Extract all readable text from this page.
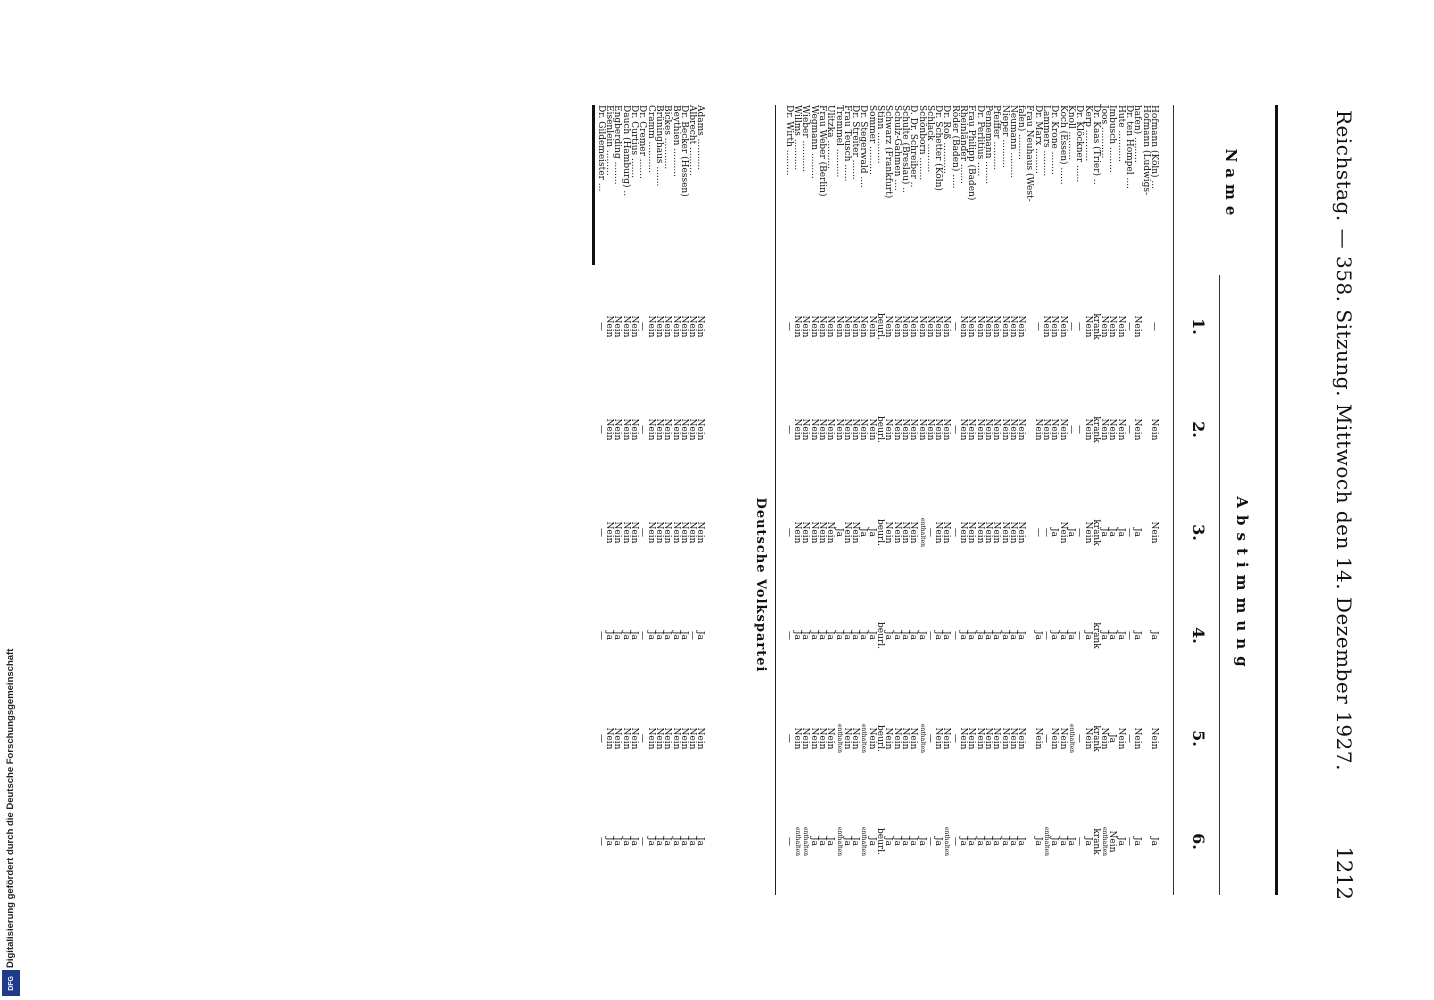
Reichstag. — 358. Sitzung. Mittwoch den 14. Dezember 1927.
1212
Name
Abstimmung
1.
2.
3.
4.
5.
6.
Hofmann (Köln) ...
—
Nein
Nein
Ja
Nein
Ja
Hofmann (Ludwigs-
hafen) .........
Nein
Nein
Ja
Ja
Nein
Ja
Dr. ten Hompel ....
—
—
—
—
—
—
Hute ...........
Nein
Nein
Ja
Ja
Nein
Ja
Imbusch .........
Nein
Nein
Ja
Ja
Ja
Nein
Joos ...........
Nein
Nein
Ja
Ja
Nein
enthalten
Dr. Kaas (Trier) ..
krank
krank
krank
krank
krank
krank
Kerp ...........
Nein
Nein
Nein
Ja
Nein
Ja
Dr. Klöckner ......
—
—
—
—
—
—
Knoll ..........
—
—
Ja
Ja
enthalten
Ja
Koch (Essen) ......
Nein
Nein
Nein
Ja
Nein
Ja
Dr. Krone ........
Nein
Nein
Ja
Ja
Nein
Ja
Lammers .........
Nein
Nein
—
—
—
enthalten
Dr. Marx .........
—
Nein
—
Ja
Nein
Ja
Frau Neuhaus (West-
falen) .........
Nein
Nein
Nein
Ja
Nein
Ja
Neumann .........
Nein
Nein
Nein
Ja
Nein
Ja
Nieper ..........
Nein
Nein
Nein
Ja
Nein
Ja
Pfeiffer ..........
Nein
Nein
Nein
Ja
Nein
Ja
Pennemann ........
Nein
Nein
Nein
Ja
Nein
Ja
Dr. Perlitius .....
Nein
Nein
Nein
Ja
Nein
Ja
Frau Philipp (Baden)
Nein
Nein
Nein
Ja
Nein
Ja
Rheinländer .......
Nein
Nein
Nein
Ja
Nein
Ja
Röder (Baden) .....
—
—
—
—
—
—
Dr. Roß ...........
Nein
Nein
Nein
Ja
Nein
enthalten
Dr. Schetter (Köln)
Nein
Nein
Nein
Ja
Nein
Ja
Schlack ..........
Nein
Nein
—
—
—
—
Schönborn ........
Nein
Nein
enthalten
Ja
enthalten
Ja
D. Dr. Schreiber ..
Nein
Nein
Nein
Ja
Nein
Ja
Schulte (Breslau) ..
Nein
Nein
Nein
Ja
Nein
Ja
Schulz-Gahmen ....
Nein
Nein
Nein
Ja
Nein
Ja
Schwarz (Frankfurt)
Nein
Nein
Nein
Ja
Nein
Ja
Stinn ...........
beurl.
beurl.
beurl.
beurl.
beurl.
beurl.
Sommer ..........
Nein
Nein
Ja
Ja
Nein
Ja
Dr. Stegerwald ....
Nein
Nein
Ja
Ja
enthalten
enthalten
Dr. Streiter .......
Nein
Nein
Nein
Ja
Nein
Ja
Frau Teusch ......
Nein
Nein
Nein
Ja
Nein
Ja
Tremmel ..........
Nein
Nein
Ja
Ja
enthalten
enthalten
Ulitzka ..........
Nein
Nein
Nein
Ja
Nein
Ja
Frau Weber (Berlin)
Nein
Nein
Nein
Ja
Nein
Ja
Wegmann .........
Nein
Nein
Nein
Ja
Nein
Ja
Wieber ...........
Nein
Nein
Nein
Ja
Nein
enthalten
Willms ...........
Nein
Nein
Nein
Ja
Nein
enthalten
Dr. Wirth .........
—
—
—
—
—
—
Deutsche Volkspartei
Adams ...........
Nein
Nein
Nein
Ja
Nein
Ja
Albrecht ..........
Nein
Nein
Nein
—
Nein
Ja
Dr. Becker (Hessen)
Nein
Nein
Nein
Ja
Nein
Ja
Beythien ..........
Nein
Nein
Nein
Ja
Nein
Ja
Bickes ...........
Nein
Nein
Nein
Ja
Nein
Ja
Brüninghaus .......
Nein
Nein
Nein
Ja
Nein
Ja
Cramm ...........
Nein
Nein
Nein
Ja
Nein
Ja
Dr. Cremer .......
—
—
—
—
—
—
Dr. Curtius .......
Nein
Nein
Nein
Ja
Nein
Ja
Dauch (Hamburg) ..
Nein
Nein
Nein
Ja
Nein
Ja
Engberding ........
Nein
Nein
Nein
Ja
Nein
Ja
Eisenlein .........
Nein
Nein
Nein
Ja
Nein
Ja
Dr. Gildemeister ...
—
—
—
—
—
—
Digitalisierung gefördert durch die Deutsche Forschungsgemeinschaft
DFG
